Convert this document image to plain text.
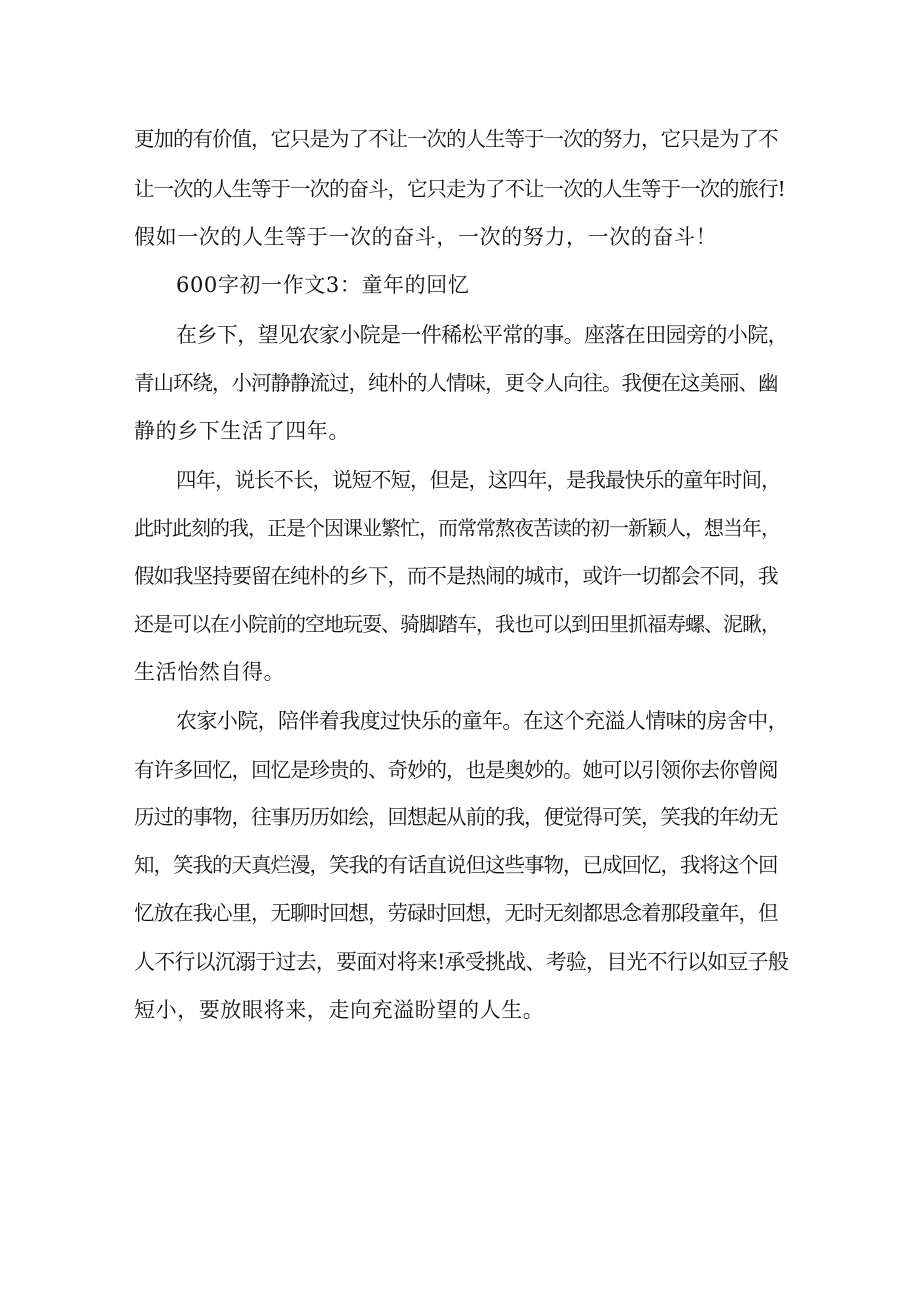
更加的有价值，它只是为了不让一次的人生等于一次的努力，它只是为了不
让一次的人生等于一次的奋斗，它只走为了不让一次的人生等于一次的旅行!
假如一次的人生等于一次的奋斗，一次的努力，一次的奋斗！
600字初一作文3：童年的回忆
在乡下，望见农家小院是一件稀松平常的事。座落在田园旁的小院，
青山环绕，小河静静流过，纯朴的人情味，更令人向往。我便在这美丽、幽
静的乡下生活了四年。
四年，说长不长，说短不短，但是，这四年，是我最快乐的童年时间，
此时此刻的我，正是个因课业繁忙，而常常熬夜苦读的初一新颖人，想当年，
假如我坚持要留在纯朴的乡下，而不是热闹的城市，或许一切都会不同，我
还是可以在小院前的空地玩耍、骑脚踏车，我也可以到田里抓福寿螺、泥瞅，
生活怡然自得。
农家小院，陪伴着我度过快乐的童年。在这个充溢人情味的房舍中，
有许多回忆，回忆是珍贵的、奇妙的，也是奥妙的。她可以引领你去你曾阅
历过的事物，往事历历如绘，回想起从前的我，便觉得可笑，笑我的年幼无
知，笑我的天真烂漫，笑我的有话直说但这些事物，已成回忆，我将这个回
忆放在我心里，无聊时回想，劳碌时回想，无时无刻都思念着那段童年，但
人不行以沉溺于过去，要面对将来!承受挑战、考验，目光不行以如豆子般
短小，要放眼将来，走向充溢盼望的人生。
